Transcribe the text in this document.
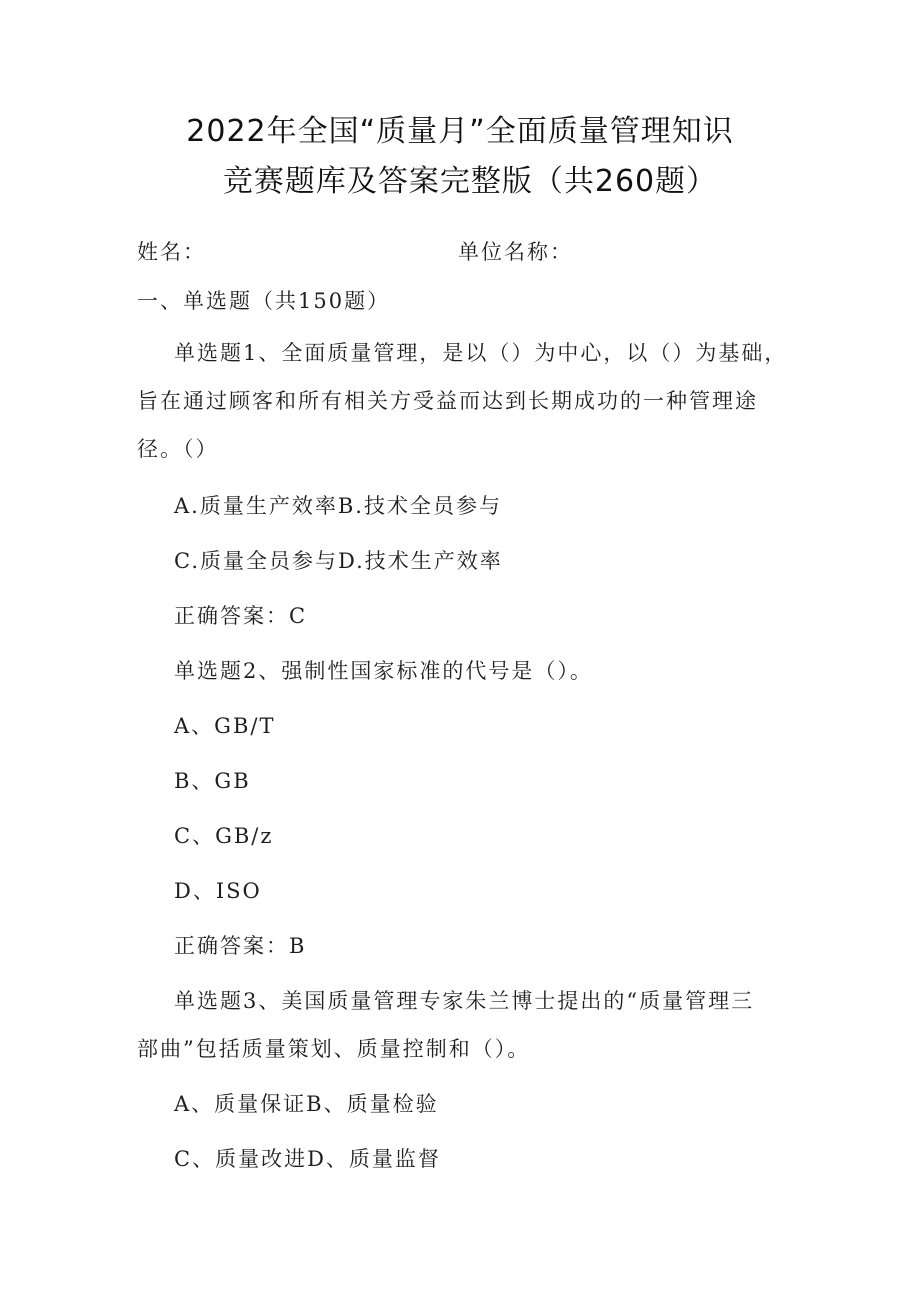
2022年全国“质量月”全面质量管理知识
竞赛题库及答案完整版（共260题）
姓名：	单位名称：
一、单选题（共150题）
单选题1、全面质量管理，是以（）为中心，以（）为基础，
旨在通过顾客和所有相关方受益而达到长期成功的一种管理途
径。（）
A.质量生产效率B.技术全员参与
C.质量全员参与D.技术生产效率
正确答案：C
单选题2、强制性国家标准的代号是（）。
A、GB/T
B、GB
C、GB/z
D、ISO
正确答案：B
单选题3、美国质量管理专家朱兰博士提出的“质量管理三
部曲”包括质量策划、质量控制和（）。
A、质量保证B、质量检验
C、质量改进D、质量监督
